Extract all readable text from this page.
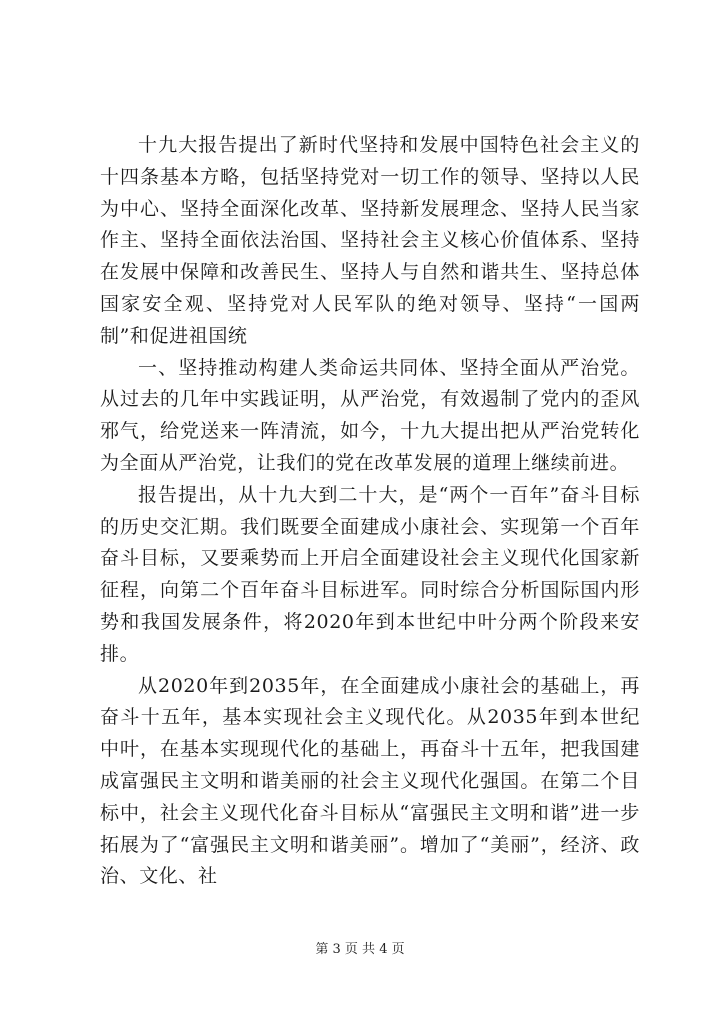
十九大报告提出了新时代坚持和发展中国特色社会主义的十四条基本方略，包括坚持党对一切工作的领导、坚持以人民为中心、坚持全面深化改革、坚持新发展理念、坚持人民当家作主、坚持全面依法治国、坚持社会主义核心价值体系、坚持在发展中保障和改善民生、坚持人与自然和谐共生、坚持总体国家安全观、坚持党对人民军队的绝对领导、坚持“一国两制”和促进祖国统

一、坚持推动构建人类命运共同体、坚持全面从严治党。从过去的几年中实践证明，从严治党，有效遏制了党内的歪风邪气，给党送来一阵清流，如今，十九大提出把从严治党转化为全面从严治党，让我们的党在改革发展的道理上继续前进。

报告提出，从十九大到二十大，是“两个一百年”奋斗目标的历史交汇期。我们既要全面建成小康社会、实现第一个百年奋斗目标，又要乘势而上开启全面建设社会主义现代化国家新征程，向第二个百年奋斗目标进军。同时综合分析国际国内形势和我国发展条件，将2020年到本世纪中叶分两个阶段来安排。

从2020年到2035年，在全面建成小康社会的基础上，再奋斗十五年，基本实现社会主义现代化。从2035年到本世纪中叶，在基本实现现代化的基础上，再奋斗十五年，把我国建成富强民主文明和谐美丽的社会主义现代化强国。在第二个目标中，社会主义现代化奋斗目标从“富强民主文明和谐”进一步拓展为了“富强民主文明和谐美丽”。增加了“美丽”，经济、政治、文化、社

第 3 页 共 4 页
